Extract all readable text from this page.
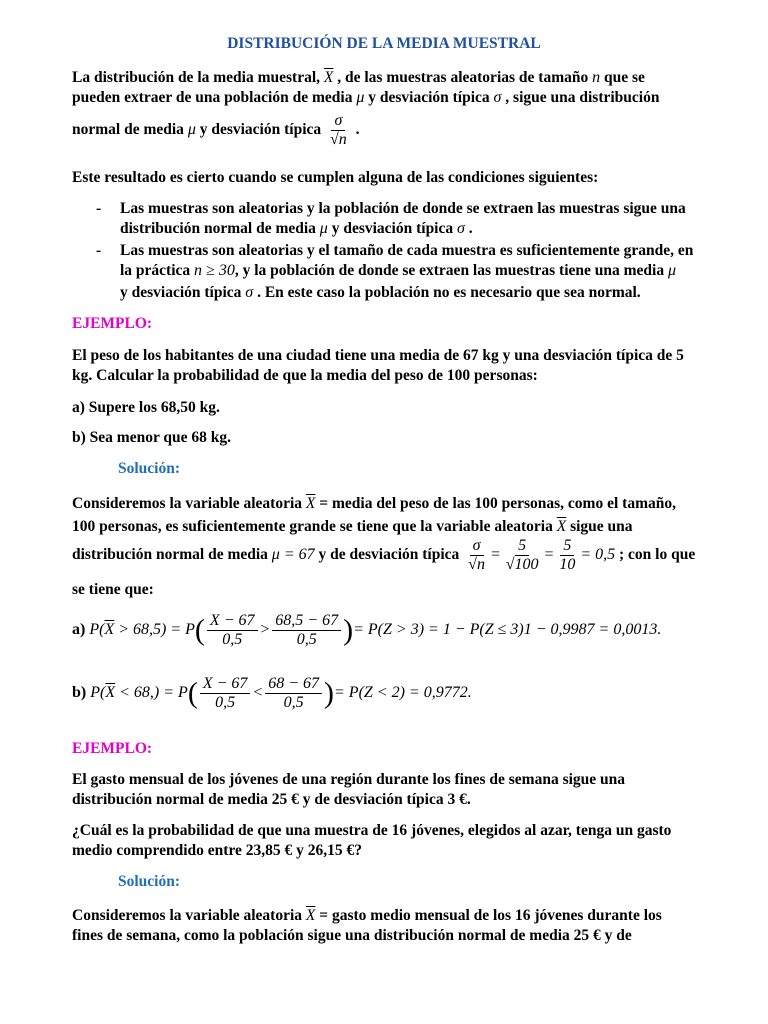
DISTRIBUCIÓN DE LA MEDIA MUESTRAL
La distribución de la media muestral, $\overline{X}$ , de las muestras aleatorias de tamaño n que se
pueden extraer de una población de media μ y desviación típica σ , sigue una distribución
normal de media μ y desviación típica $\frac{\sigma}{√n}$ .
Este resultado es cierto cuando se cumplen alguna de las condiciones siguientes:
-	Las muestras son aleatorias y la población de donde se extraen las muestras sigue una
distribución normal de media μ y desviación típica σ .
-	Las muestras son aleatorias y el tamaño de cada muestra es suficientemente grande, en
la práctica n ≥ 30, y la población de donde se extraen las muestras tiene una media μ
y desviación típica σ . En este caso la población no es necesario que sea normal.
EJEMPLO:
El peso de los habitantes de una ciudad tiene una media de 67 kg y una desviación típica de 5
kg. Calcular la probabilidad de que la media del peso de 100 personas:
a) Supere los 68,50 kg.
b) Sea menor que 68 kg.
Solución:
Consideremos la variable aleatoria $\overline{X}$ = media del peso de las 100 personas, como el tamaño,
100 personas, es suficientemente grande se tiene que la variable aleatoria $\overline{X}$ sigue una
distribución normal de media μ = 67 y de desviación típica $\frac{\sigma}{√n} = \frac{5}{√100} = \frac{5}{10} = 0,5$ ; con lo que
se tiene que:
a) $P(\overline{X} > 68,5) = P( \frac{X - 67}{0,5} > \frac{68,5 - 67}{0,5}$ )= P(Z > 3) = 1 − P(Z ≤ 3)1 − 0,9987 = 0,0013.
b) $P(\overline{X} < 68,) = P( \frac{X - 67}{0,5} < \frac{68 - 67}{0,5}$ )= P(Z < 2) = 0,9772.
EJEMPLO:
El gasto mensual de los jóvenes de una región durante los fines de semana sigue una
distribución normal de media 25 € y de desviación típica 3 €.
¿Cuál es la probabilidad de que una muestra de 16 jóvenes, elegidos al azar, tenga un gasto
medio comprendido entre 23,85 € y 26,15 €?
Solución:
Consideremos la variable aleatoria $\overline{X}$ = gasto medio mensual de los 16 jóvenes durante los
fines de semana, como la población sigue una distribución normal de media 25 € y de
